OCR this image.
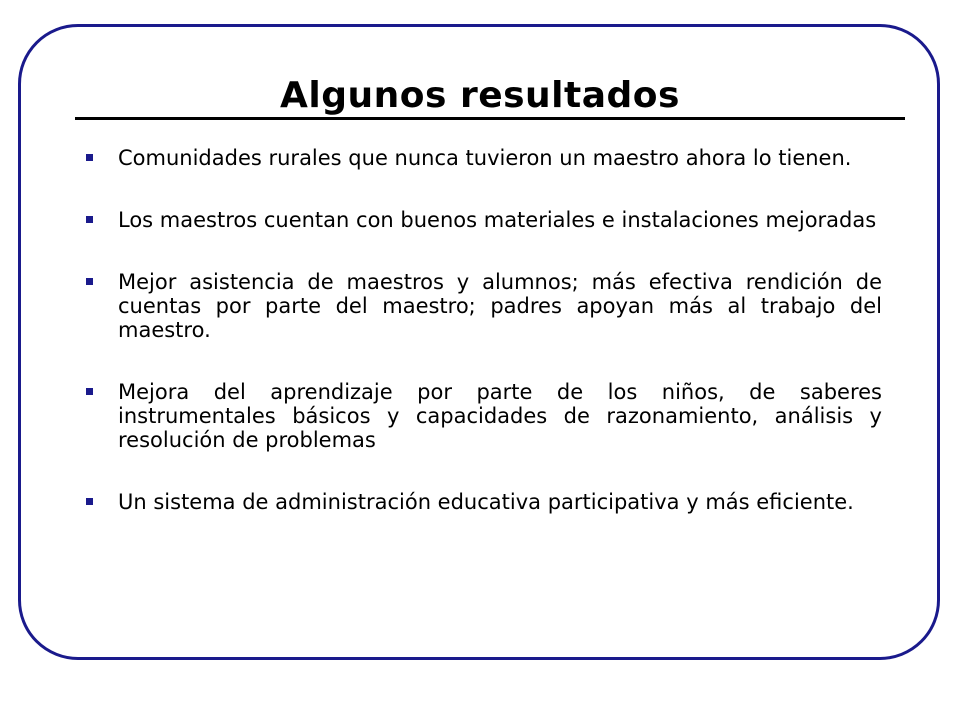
Algunos resultados
Comunidades rurales que nunca tuvieron un maestro ahora lo tienen.
Los maestros cuentan con buenos materiales e instalaciones mejoradas
Mejor asistencia de maestros y alumnos; más efectiva rendición de cuentas por parte del maestro; padres apoyan más al trabajo del maestro.
Mejora del aprendizaje por parte de los niños, de saberes instrumentales básicos y capacidades de razonamiento, análisis y resolución de problemas
Un sistema de administración educativa participativa y más eficiente.
